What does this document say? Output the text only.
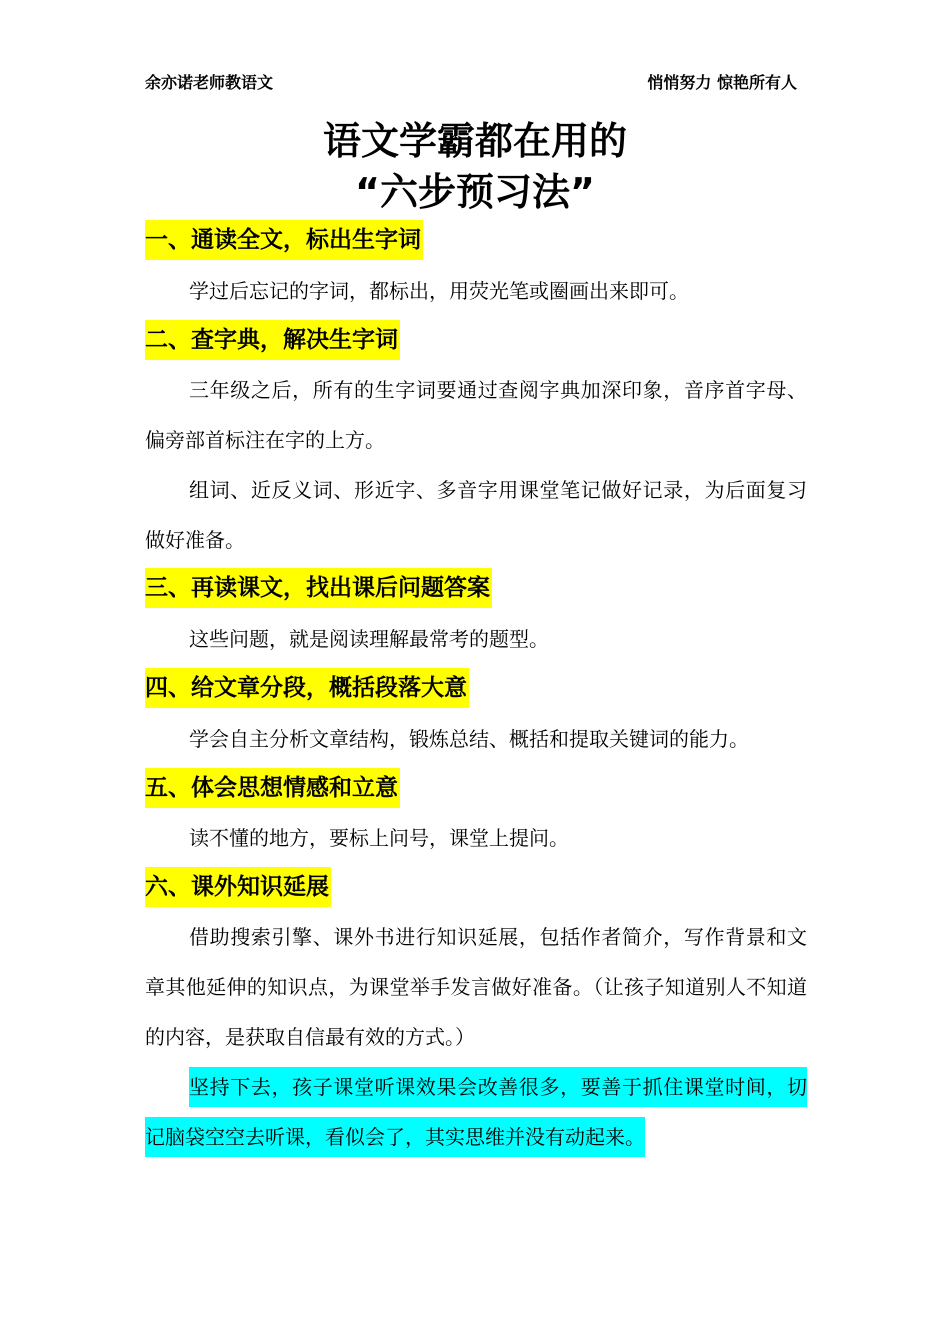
余亦诺老师教语文	悄悄努力 惊艳所有人
语文学霸都在用的
“六步预习法”
一、通读全文，标出生字词
学过后忘记的字词，都标出，用荧光笔或圈画出来即可。
二、查字典，解决生字词
三年级之后，所有的生字词要通过查阅字典加深印象，音序首字母、偏旁部首标注在字的上方。
组词、近反义词、形近字、多音字用课堂笔记做好记录，为后面复习做好准备。
三、再读课文，找出课后问题答案
这些问题，就是阅读理解最常考的题型。
四、给文章分段，概括段落大意
学会自主分析文章结构，锻炼总结、概括和提取关键词的能力。
五、体会思想情感和立意
读不懂的地方，要标上问号，课堂上提问。
六、课外知识延展
借助搜索引擎、课外书进行知识延展，包括作者简介，写作背景和文章其他延伸的知识点，为课堂举手发言做好准备。（让孩子知道别人不知道的内容，是获取自信最有效的方式。）
坚持下去，孩子课堂听课效果会改善很多，要善于抓住课堂时间，切记脑袋空空去听课，看似会了，其实思维并没有动起来。
